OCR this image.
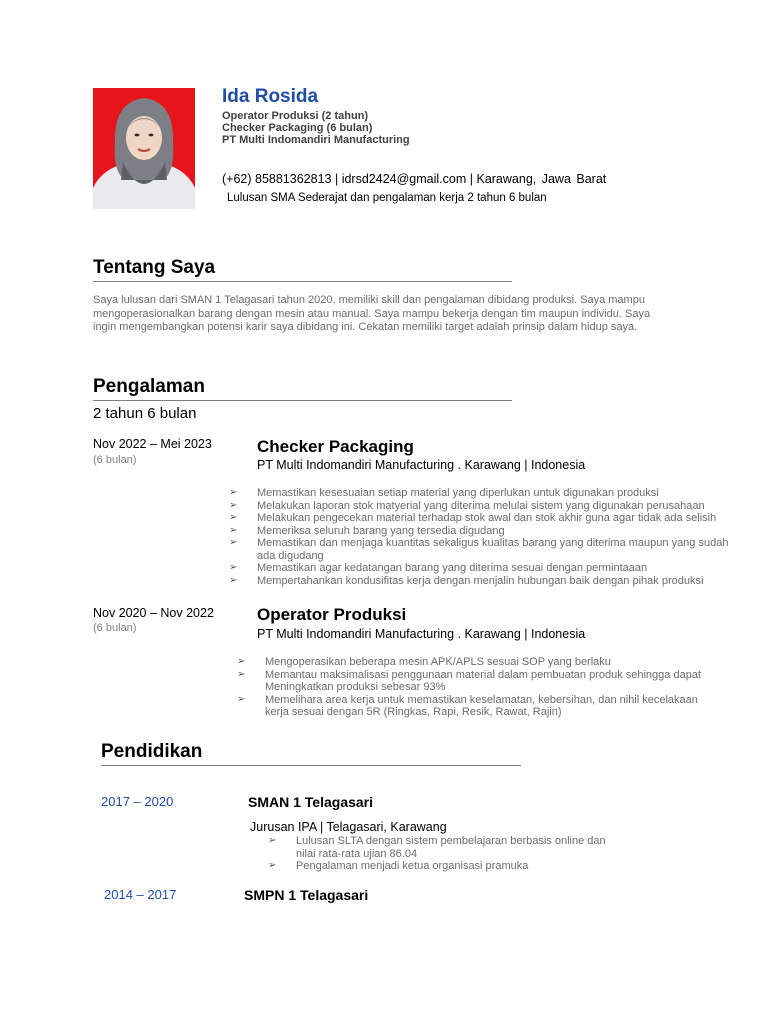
Ida Rosida
Operator Produksi (2 tahun)
Checker Packaging (6 bulan)
PT Multi Indomandiri Manufacturing
(+62) 85881362813 | idrsd2424@gmail.com | Karawang, Jawa Barat
Lulusan SMA Sederajat dan pengalaman kerja 2 tahun 6 bulan
Tentang Saya
Saya lulusan dari SMAN 1 Telagasari tahun 2020, memiliki skill dan pengalaman dibidang produksi. Saya mampu mengoperasionalkan barang dengan mesin atau manual. Saya mampu bekerja dengan tim maupun individu. Saya ingin mengembangkan potensi karir saya dibidang ini. Cekatan memiliki target adalah prinsip dalam hidup saya.
Pengalaman
2 tahun 6 bulan
Nov 2022 – Mei 2023
(6 bulan)
Checker Packaging
PT Multi Indomandiri Manufacturing . Karawang | Indonesia
➢ Memastikan kesesuaian setiap material yang diperlukan untuk digunakan produksi
➢ Melakukan laporan stok matyerial yang diterima melulai sistem yang digunakan perusahaan
➢ Melakukan pengecekan material terhadap stok awal dan stok akhir guna agar tidak ada selisih
➢ Memeriksa seluruh barang yang tersedia digudang
➢ Memastikan dan menjaga kuantitas sekaligus kualitas barang yang diterima maupun yang sudah ada digudang
➢ Memastikan agar kedatangan barang yang diterima sesuai dengan permintaaan
➢ Mempertahankan kondusifitas kerja dengan menjalin hubungan baik dengan pihak produksi
Nov 2020 – Nov 2022
(6 bulan)
Operator Produksi
PT Multi Indomandiri Manufacturing . Karawang | Indonesia
➢ Mengoperasikan beberapa mesin APK/APLS sesuai SOP yang berlaku
➢ Memantau maksimalisasi penggunaan material dalam pembuatan produk sehingga dapat Meningkatkan produksi sebesar 93%
➢ Memelihara area kerja untuk memastikan keselamatan, kebersihan, dan nihil kecelakaan kerja sesuai dengan 5R (Ringkas, Rapi, Resik, Rawat, Rajin)
Pendidikan
2017 – 2020	SMAN 1 Telagasari
Jurusan IPA | Telagasari, Karawang
➢ Lulusan SLTA dengan sistem pembelajaran berbasis online dan nilai rata-rata ujian 86.04
➢ Pengalaman menjadi ketua organisasi pramuka
2014 – 2017	SMPN 1 Telagasari
